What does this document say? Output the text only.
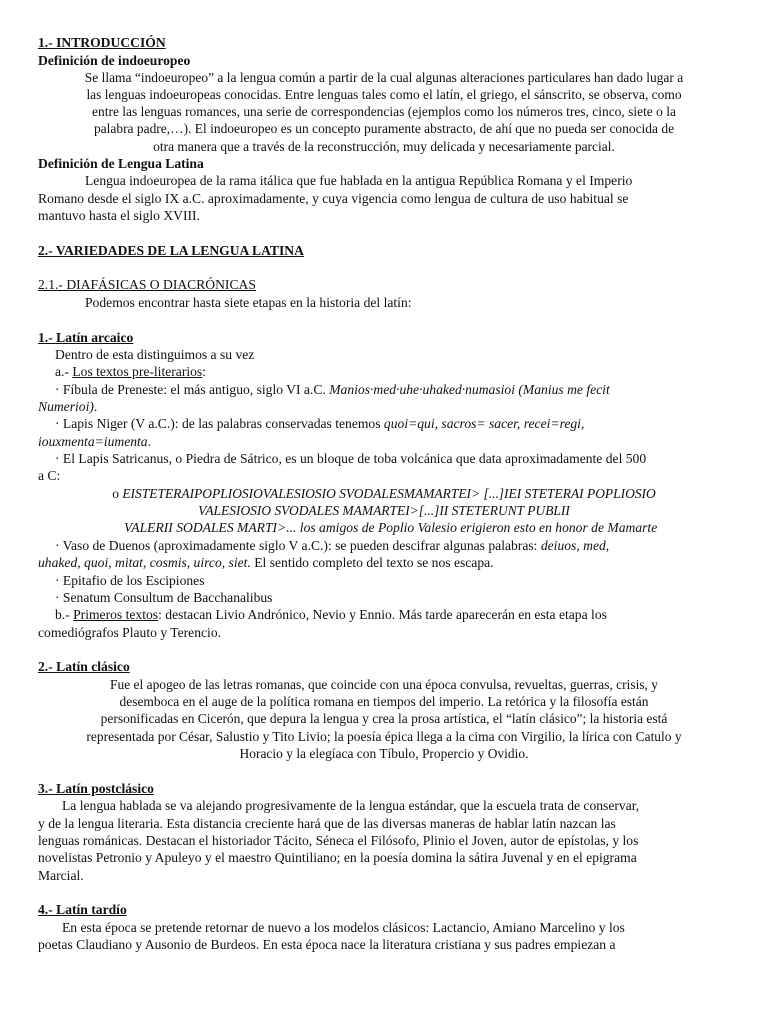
1.- INTRODUCCIÓN
Definición de indoeuropeo
Se llama “indoeuropeo” a la lengua común a partir de la cual algunas alteraciones particulares han dado lugar a
las lenguas indoeuropeas conocidas. Entre lenguas tales como el latín, el griego, el sánscrito, se observa, como
entre las lenguas romances, una serie de correspondencias (ejemplos como los números tres, cinco, siete o la
palabra padre,…). El indoeuropeo es un concepto puramente abstracto, de ahí que no pueda ser conocida de
otra manera que a través de la reconstrucción, muy delicada y necesariamente parcial.
Definición de Lengua Latina
Lengua indoeuropea de la rama itálica que fue hablada en la antigua República Romana y el Imperio
Romano desde el siglo IX a.C. aproximadamente, y cuya vigencia como lengua de cultura de uso habitual se
mantuvo hasta el siglo XVIII.
2.- VARIEDADES DE LA LENGUA LATINA
2.1.- DIAFÁSICAS O DIACRÓNICAS
Podemos encontrar hasta siete etapas en la historia del latín:
1.- Latín arcaico
Dentro de esta distinguimos a su vez
a.- Los textos pre-literarios:
· Fíbula de Preneste: el más antiguo, siglo VI a.C. Manios·med·uhe·uhaked·numasioi (Manius me fecit
Numerioi).
· Lapis Niger (V a.C.): de las palabras conservadas tenemos quoi=qui, sacros= sacer, recei=regi,
iouxmenta=iumenta.
· El Lapis Satricanus, o Piedra de Sátrico, es un bloque de toba volcánica que data aproximadamente del 500
a C:
o EISTETERAIPOPLIOSIOVALESIOSIO SVODALESMAMARTEI> [...]IEI STETERAI POPLIOSIO
VALESIOSIO SVODALES MAMARTEI>[...]II STETERUNT PUBLII
VALERII SODALES MARTI>... los amigos de Poplio Valesio erigieron esto en honor de Mamarte
· Vaso de Duenos (aproximadamente siglo V a.C.): se pueden descifrar algunas palabras: deiuos, med,
uhaked, quoi, mitat, cosmis, uirco, siet. El sentido completo del texto se nos escapa.
· Epitafio de los Escipiones
· Senatum Consultum de Bacchanalibus
b.- Primeros textos: destacan Livio Andrónico, Nevio y Ennio. Más tarde aparecerán en esta etapa los
comediógrafos Plauto y Terencio.
2.- Latín clásico
Fue el apogeo de las letras romanas, que coincide con una época convulsa, revueltas, guerras, crisis, y
desemboca en el auge de la política romana en tiempos del imperio. La retórica y la filosofía están
personificadas en Cicerón, que depura la lengua y crea la prosa artística, el “latín clásico”; la historia está
representada por César, Salustio y Tito Livio; la poesía épica llega a la cima con Virgilio, la lírica con Catulo y
Horacio y la elegíaca con Tíbulo, Propercio y Ovidio.
3.- Latín postclásico
La lengua hablada se va alejando progresivamente de la lengua estándar, que la escuela trata de conservar,
y de la lengua literaria. Esta distancia creciente hará que de las diversas maneras de hablar latín nazcan las
lenguas románicas. Destacan el historiador Tácito, Séneca el Filósofo, Plinio el Joven, autor de epístolas, y los
novelistas Petronio y Apuleyo y el maestro Quintiliano; en la poesía domina la sátira Juvenal y en el epigrama
Marcial.
4.- Latín tardío
En esta época se pretende retornar de nuevo a los modelos clásicos: Lactancio, Amiano Marcelino y los
poetas Claudiano y Ausonio de Burdeos. En esta época nace la literatura cristiana y sus padres empiezan a
